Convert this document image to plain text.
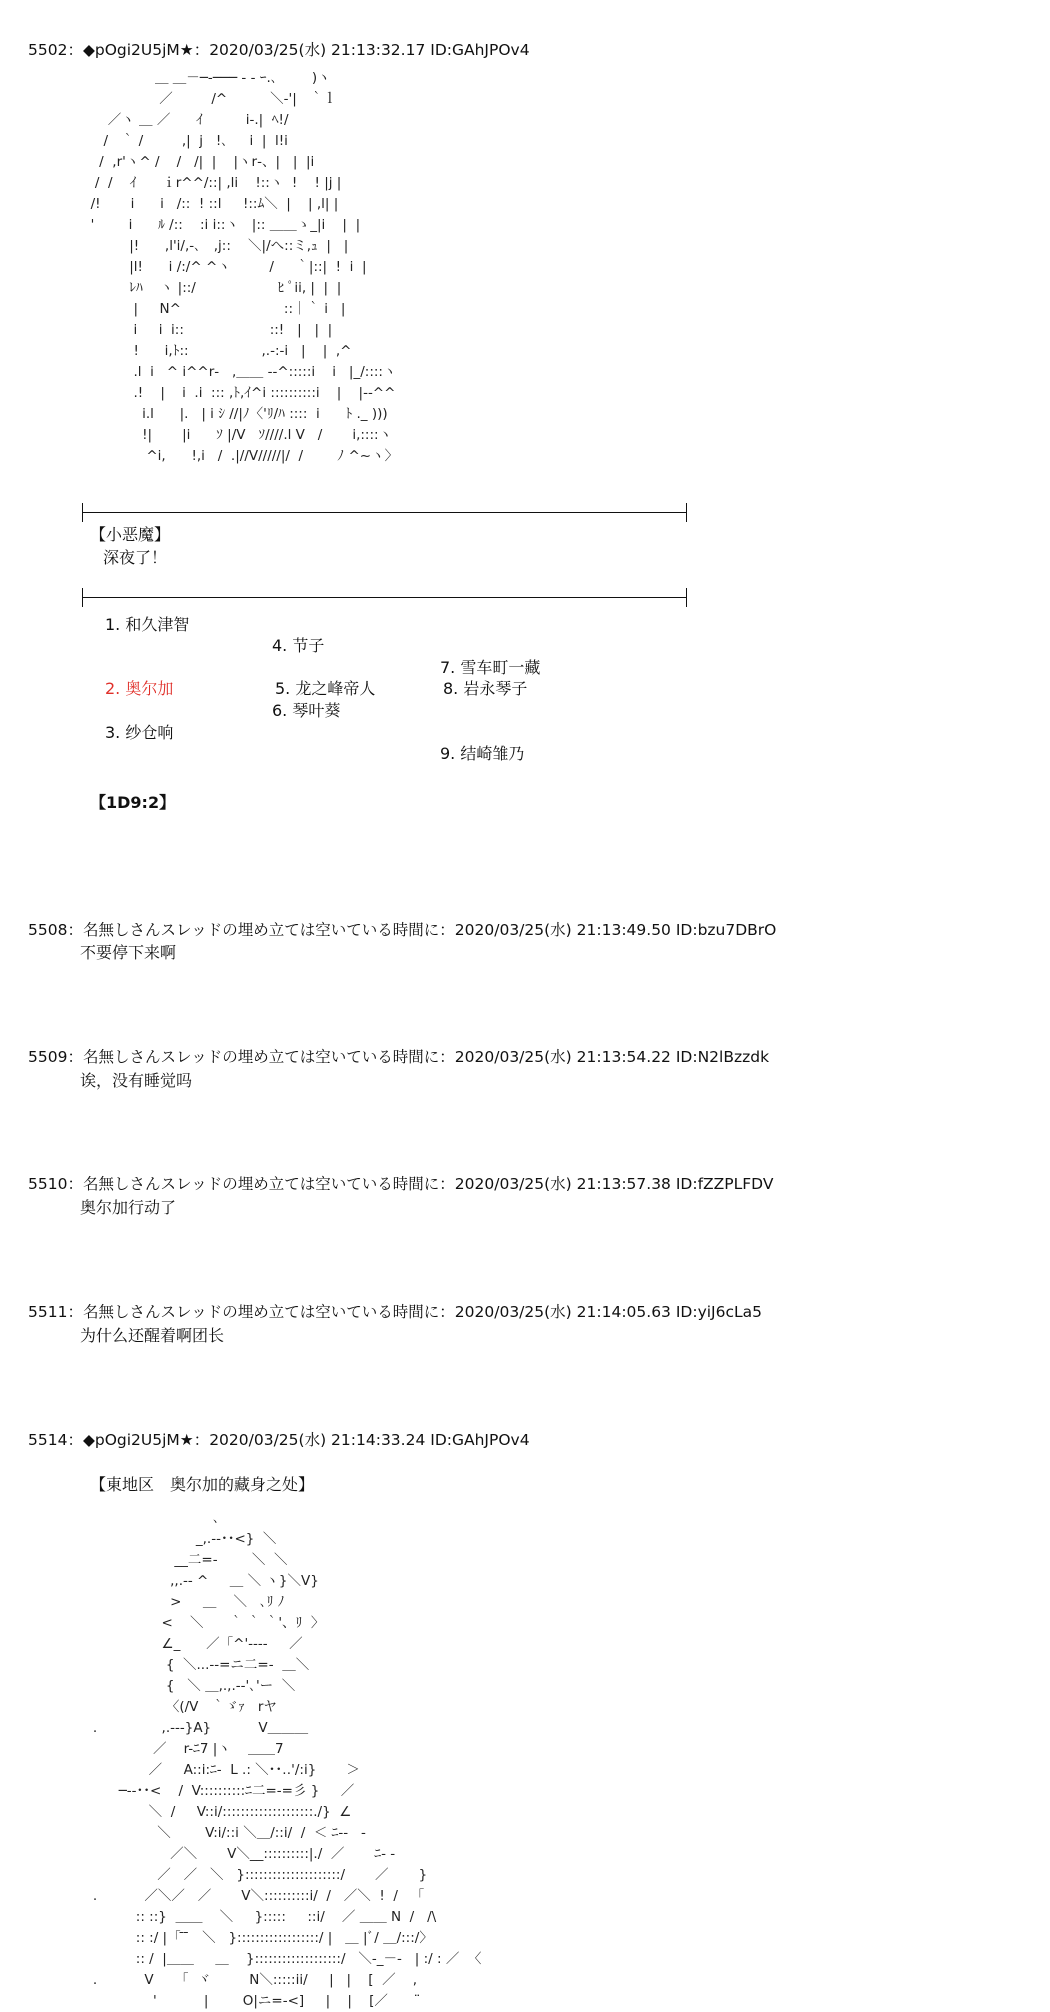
5502：◆pOgi2U5jM★：2020/03/25(水) 21:13:32.17 ID:GAhJPOv4
＿ ＿－─‐─── ‐ ‐ ｰ.､        )ヽ
／         /^          ＼-'|   ｀ｌ
／ヽ ＿ ／      ｲ          i-.|  ﾍ!/
/   ｀ /         ,|  j   !､     i  |  l!i
/  ,r'ヽ^ /    /   /|  |    |ヽr‐、|   |  |i
/  /    ｲ      ｉr^^/::| ,li    !::ヽ  !    ! |j |
/!       i      i   /::  ! ::l     !::ﾑ＼  |    | ,l| |
'        i      ﾙ /::    :i i::ヽ   |:: ＿＿ゝ_|i    |  |
|!      ,l'i/,-､   ,j::    ＼|/へ::ミ,ｭ  |   |
|l!      i /:/^ ^ヽ         /     ｀|::|  !  i  |
ﾚﾊ    ヽ |::/                   ﾋ ﾟii, |  |  |
|     N^                        ::｜｀ i   |
i     i  i::                    ::!   |   |  |
!      i,ﾄ::                 ,.-:‐i   |    |  ,^
.l  i   ^ i^^r‐   ,＿＿ ‐‐^:::::i    i   |_/::::ヽ
.!    |    i  .i  ::: ,ﾄ,ｲ^i ::::::::::i    |    |-‐^^
i.l      |.   | i ｼ //|ﾉ〈'ﾘ/ﾊ ::::  i      ﾄ ._ )))
!|       |i      ｿ |/V   ｿ////.l V   /       i,::::ヽ
^i,      !,i   /  .|//V/////|/  /        ﾉ ^~ヽ〉
【小恶魔】
深夜了！
1. 和久津智
4. 节子
7. 雪车町一藏
2. 奥尔加	5. 龙之峰帝人	8. 岩永琴子
6. 琴叶葵
3. 纱仓响
9. 结崎雏乃
【1D9:2】
5508：名無しさんスレッドの埋め立ては空いている時間に：2020/03/25(水) 21:13:49.50 ID:bzu7DBrO
不要停下来啊
5509：名無しさんスレッドの埋め立ては空いている時間に：2020/03/25(水) 21:13:54.22 ID:N2lBzzdk
诶，没有睡觉吗
5510：名無しさんスレッドの埋め立ては空いている時間に：2020/03/25(水) 21:13:57.38 ID:fZZPLFDV
奥尔加行动了
5511：名無しさんスレッドの埋め立ては空いている時間に：2020/03/25(水) 21:14:05.63 ID:yiJ6cLa5
为什么还醒着啊团长
5514：◆pOgi2U5jM★：2020/03/25(水) 21:14:33.24 ID:GAhJPOv4
【東地区　奥尔加的藏身之处】
､
_,.-‐･･<}  ＼
__二=‐        ＼  ＼
,,.-‐ ^     ＿ ＼ ヽ}＼V}
>     ＿    ＼   ､ﾘ ﾉ
<    ＼      ｀ ｀ ｀'、ﾘ  〉
∠_      ／「^'‐--‐     ／
{  ＼...-‐=ニ二=-  ＿＼
{   ＼ ＿,.,.-‐'､'ー  ＼
〈(/V   ｀ゞｧ   rヤ
.               ,.--‐}A}           V＿＿＿
／    r-ﾆ7 |ヽ    ＿＿7
／     A::i:ﾆ-  L .: ＼･･‥'/:i}       ＞
─‐‐･･<    /  V::::::::::ﾆ二=‐=彡 }     ／
＼  /     V::i/::::::::::::::::::::./}  ∠
＼        V:i/::i ＼＿/::i/  /  ＜ ﾆ‐-   -
／＼       V＼__::::::::::|./  ／       ﾆ‐ -
／   ／   ＼   }:::::::::::::::::::::/       ／       }
.           ／＼／   ／       V＼::::::::::i/  /   ／＼  !  /   「
:: ::}  ＿＿    ＼     }:::::     ::i/    ／ ＿＿ N  /   /\
:: :/ |「 ̄ ̄   ＼   }::::::::::::::::::/ |   ＿ |ﾞ/ ＿/:::/〉
:: /  |＿＿     ＿    }:::::::::::::::::::/   ＼‐_－-   | :/ : ／  〈
.           V     「  ヾ         N＼:::::ii/     |   |    [  ／    ,
'           |        O|ニ=-<]     |    |    [／      ¨
